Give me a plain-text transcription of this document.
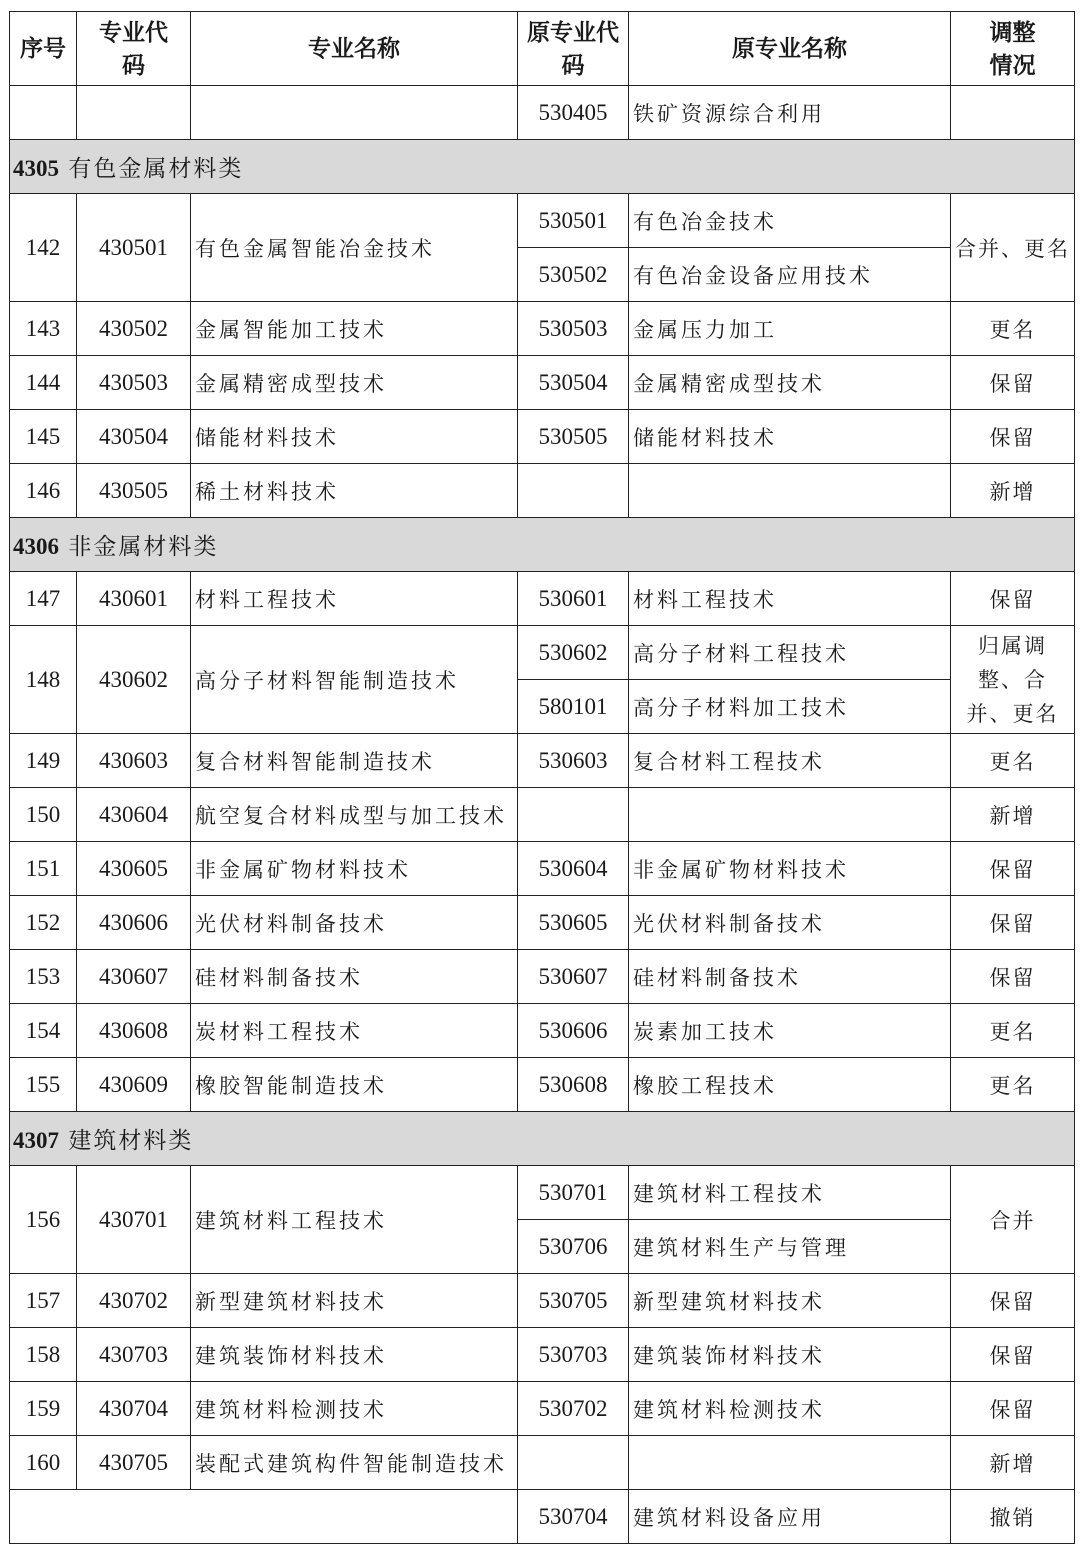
序号	专业代码	专业名称	原专业代码	原专业名称	调整情况

			530405	铁矿资源综合利用	
4305 有色金属材料类					
142	430501	有色金属智能冶金技术	530501	有色冶金技术	合并、更名
			530502	有色冶金设备应用技术	
143	430502	金属智能加工技术	530503	金属压力加工	更名
144	430503	金属精密成型技术	530504	金属精密成型技术	保留
145	430504	储能材料技术	530505	储能材料技术	保留
146	430505	稀土材料技术			新增
4306 非金属材料类					
147	430601	材料工程技术	530601	材料工程技术	保留
148	430602	高分子材料智能制造技术	530602	高分子材料工程技术	归属调整、合并、更名

			580101	高分子材料加工技术	
149	430603	复合材料智能制造技术	530603	复合材料工程技术	更名
150	430604	航空复合材料成型与加工技术			新增
151	430605	非金属矿物材料技术	530604	非金属矿物材料技术	保留
152	430606	光伏材料制备技术	530605	光伏材料制备技术	保留
153	430607	硅材料制备技术	530607	硅材料制备技术	保留
154	430608	炭材料工程技术	530606	炭素加工技术	更名
155	430609	橡胶智能制造技术	530608	橡胶工程技术	更名
4307 建筑材料类					
156	430701	建筑材料工程技术	530701	建筑材料工程技术	合并
			530706	建筑材料生产与管理	
157	430702	新型建筑材料技术	530705	新型建筑材料技术	保留
158	430703	建筑装饰材料技术	530703	建筑装饰材料技术	保留
159	430704	建筑材料检测技术	530702	建筑材料检测技术	保留
160	430705	装配式建筑构件智能制造技术			新增
			530704	建筑材料设备应用	撤销
